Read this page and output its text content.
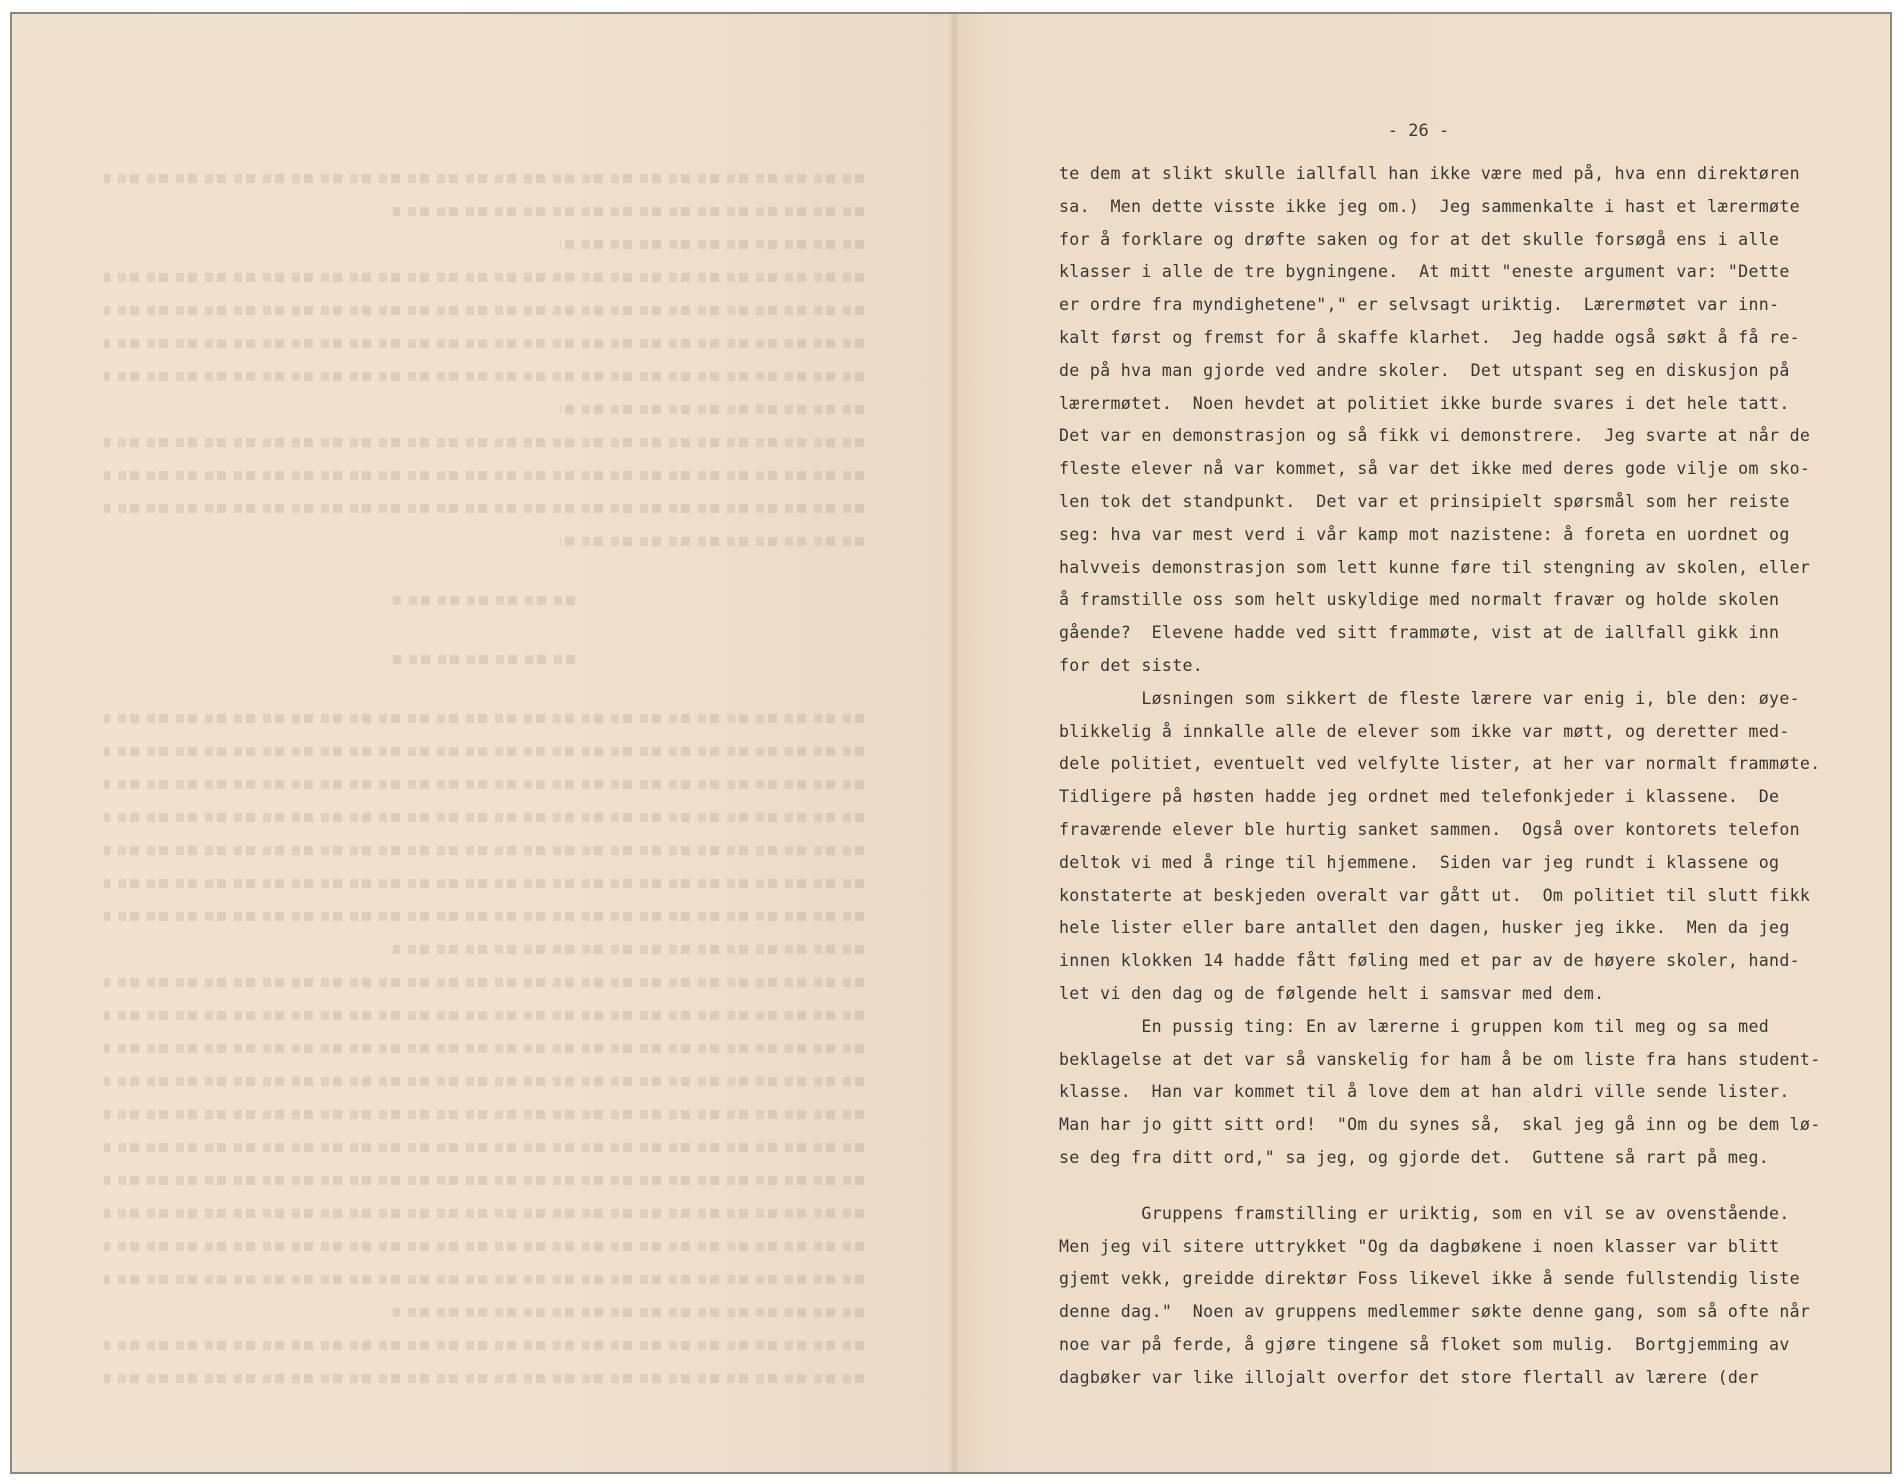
- 26 -
te dem at slikt skulle iallfall han ikke være med på, hva enn direktøren
sa.  Men dette visste ikke jeg om.)  Jeg sammenkalte i hast et lærermøte
for å forklare og drøfte saken og for at det skulle forsøgå ens i alle
klasser i alle de tre bygningene.  At mitt "eneste argument var: "Dette
er ordre fra myndighetene"," er selvsagt uriktig.  Lærermøtet var inn-
kalt først og fremst for å skaffe klarhet.  Jeg hadde også søkt å få re-
de på hva man gjorde ved andre skoler.  Det utspant seg en diskusjon på
lærermøtet.  Noen hevdet at politiet ikke burde svares i det hele tatt.
Det var en demonstrasjon og så fikk vi demonstrere.  Jeg svarte at når de
fleste elever nå var kommet, så var det ikke med deres gode vilje om sko-
len tok det standpunkt.  Det var et prinsipielt spørsmål som her reiste
seg: hva var mest verd i vår kamp mot nazistene: å foreta en uordnet og
halvveis demonstrasjon som lett kunne føre til stengning av skolen, eller
å framstille oss som helt uskyldige med normalt fravær og holde skolen
gående?  Elevene hadde ved sitt frammøte, vist at de iallfall gikk inn
for det siste.
Løsningen som sikkert de fleste lærere var enig i, ble den: øye-
blikkelig å innkalle alle de elever som ikke var møtt, og deretter med-
dele politiet, eventuelt ved velfylte lister, at her var normalt frammøte.
Tidligere på høsten hadde jeg ordnet med telefonkjeder i klassene.  De
fraværende elever ble hurtig sanket sammen.  Også over kontorets telefon
deltok vi med å ringe til hjemmene.  Siden var jeg rundt i klassene og
konstaterte at beskjeden overalt var gått ut.  Om politiet til slutt fikk
hele lister eller bare antallet den dagen, husker jeg ikke.  Men da jeg
innen klokken 14 hadde fått føling med et par av de høyere skoler, hand-
let vi den dag og de følgende helt i samsvar med dem.
En pussig ting: En av lærerne i gruppen kom til meg og sa med
beklagelse at det var så vanskelig for ham å be om liste fra hans student-
klasse.  Han var kommet til å love dem at han aldri ville sende lister.
Man har jo gitt sitt ord!  "Om du synes så,  skal jeg gå inn og be dem lø-
se deg fra ditt ord," sa jeg, og gjorde det.  Guttene så rart på meg.
Gruppens framstilling er uriktig, som en vil se av ovenstående.
Men jeg vil sitere uttrykket "Og da dagbøkene i noen klasser var blitt
gjemt vekk, greidde direktør Foss likevel ikke å sende fullstendig liste
denne dag."  Noen av gruppens medlemmer søkte denne gang, som så ofte når
noe var på ferde, å gjøre tingene så floket som mulig.  Bortgjemming av
dagbøker var like illojalt overfor det store flertall av lærere (der
